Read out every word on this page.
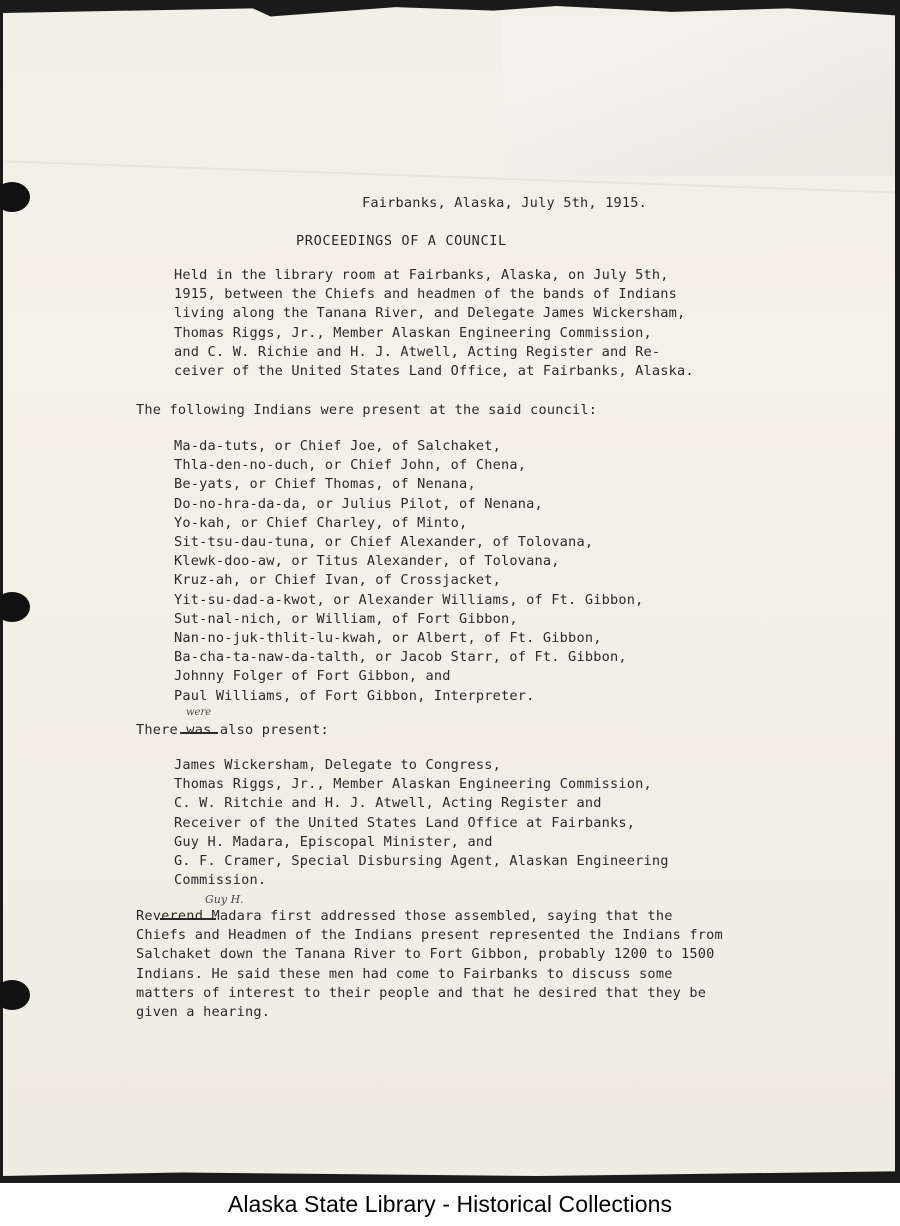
Fairbanks, Alaska, July 5th, 1915.
PROCEEDINGS OF A COUNCIL
Held in the library room at Fairbanks, Alaska, on July 5th,
1915, between the Chiefs and headmen of the bands of Indians
living along the Tanana River, and Delegate James Wickersham,
Thomas Riggs, Jr., Member Alaskan Engineering Commission,
and C. W. Richie and H. J. Atwell, Acting Register and Re-
ceiver of the United States Land Office, at Fairbanks, Alaska.
The following Indians were present at the said council:
Ma-da-tuts, or Chief Joe, of Salchaket,
Thla-den-no-duch, or Chief John, of Chena,
Be-yats, or Chief Thomas, of Nenana,
Do-no-hra-da-da, or Julius Pilot, of Nenana,
Yo-kah, or Chief Charley, of Minto,
Sit-tsu-dau-tuna, or Chief Alexander, of Tolovana,
Klewk-doo-aw, or Titus Alexander, of Tolovana,
Kruz-ah, or Chief Ivan, of Crossjacket,
Yit-su-dad-a-kwot, or Alexander Williams, of Ft. Gibbon,
Sut-nal-nich, or William, of Fort Gibbon,
Nan-no-juk-thlit-lu-kwah, or Albert, of Ft. Gibbon,
Ba-cha-ta-naw-da-talth, or Jacob Starr, of Ft. Gibbon,
Johnny Folger of Fort Gibbon, and
Paul Williams, of Fort Gibbon, Interpreter.
were
There was also present:
James Wickersham, Delegate to Congress,
Thomas Riggs, Jr., Member Alaskan Engineering Commission,
C. W. Ritchie and H. J. Atwell, Acting Register and
Receiver of the United States Land Office at Fairbanks,
Guy H. Madara, Episcopal Minister, and
G. F. Cramer, Special Disbursing Agent, Alaskan Engineering
Commission.
Guy H.
Reverend Madara first addressed those assembled, saying that the
Chiefs and Headmen of the Indians present represented the Indians from
Salchaket down the Tanana River to Fort Gibbon, probably 1200 to 1500
Indians. He said these men had come to Fairbanks to discuss some
matters of interest to their people and that he desired that they be
given a hearing.
Alaska State Library - Historical Collections
